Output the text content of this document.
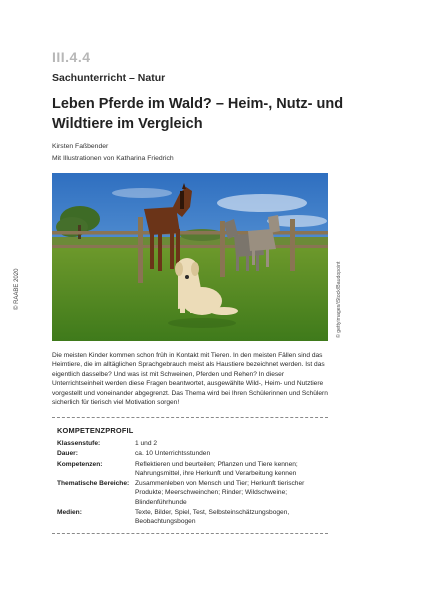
III.4.4
Sachunterricht – Natur
Leben Pferde im Wald? – Heim-, Nutz- und Wildtiere im Vergleich
Kirsten Faßbender
Mit Illustrationen von Katharina Friedrich
© RAABE 2020	© gettyimages/iStock/Baudopoint

Die meisten Kinder kommen schon früh in Kontakt mit Tieren. In den meisten Fällen sind das Heimtiere, die im alltäglichen Sprachgebrauch meist als Haustiere bezeichnet werden. Ist das eigentlich dasselbe? Und was ist mit Schweinen, Pferden und Rehen? In dieser Unterrichtseinheit werden diese Fragen beantwortet, ausgewählte Wild-, Heim- und Nutztiere vorgestellt und voneinander abgegrenzt. Das Thema wird bei Ihren Schülerinnen und Schülern sicherlich für tierisch viel Motivation sorgen!

KOMPETENZPROFIL
Klassenstufe:	1 und 2
Dauer:	ca. 10 Unterrichtsstunden
Kompetenzen:	Reflektieren und beurteilen; Pflanzen und Tiere kennen; Nahrungsmittel, ihre Herkunft und Verarbeitung kennen
Thematische Bereiche: Zusammenleben von Mensch und Tier; Herkunft tierischer Produkte; Meerschweinchen; Rinder; Wildschweine; Blindenführhunde
Medien:	Texte, Bilder, Spiel, Test, Selbsteinschätzungsbogen, Beobachtungsbogen
